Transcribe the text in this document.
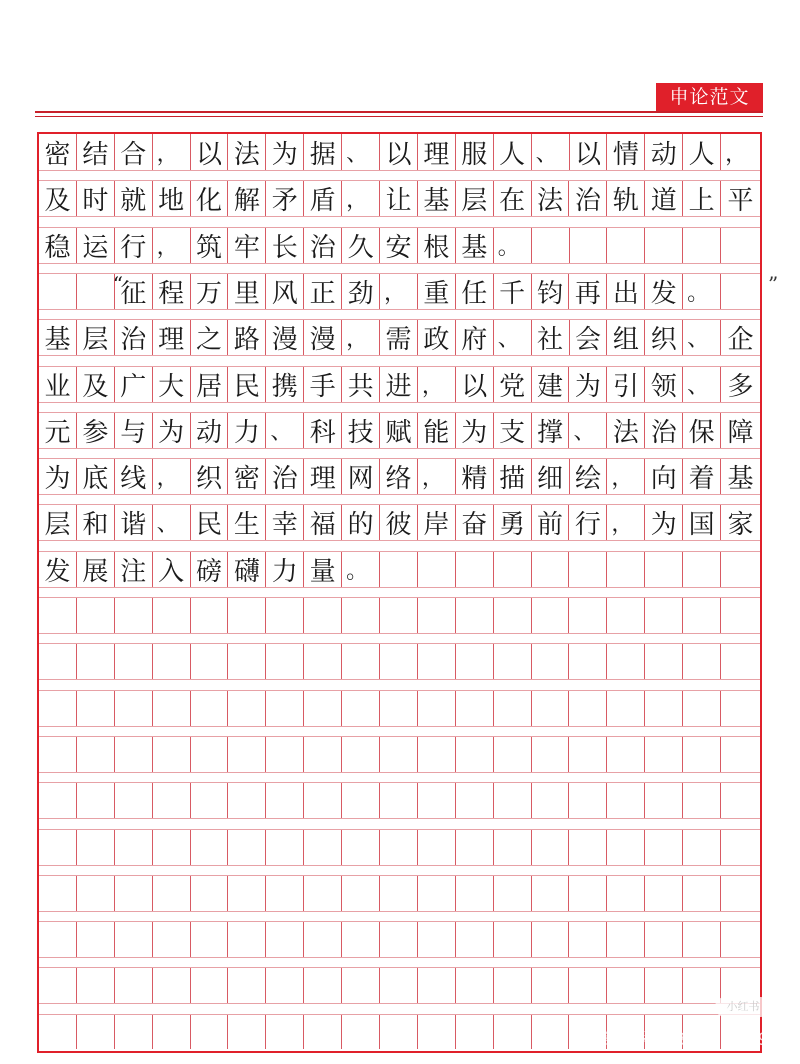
申论范文
密 结 合 ， 以 法 为 据 、 以 理 服 人 、 以 情 动 人 ，
及 时 就 地 化 解 矛 盾 ， 让 基 层 在 法 治 轨 道 上 平
稳 运 行 ， 筑 牢 长 治 久 安 根 基 。
“
征 程 万 里 风 正 劲 ， 重 任 千 钧 再 出 发 。
基 层 治 理 之 路 漫 漫 ， 需 政 府 、 社 会 组 织 、 企
业 及 广 大 居 民 携 手 共 进 ， 以 党 建 为 引 领 、 多
元 参 与 为 动 力 、 科 技 赋 能 为 支 撑 、 法 治 保 障
为 底 线 ， 织 密 治 理 网 络 ， 精 描 细 绘 ， 向 着 基
层 和 谐 、 民 生 幸 福 的 彼 岸 奋 勇 前 行 ， 为 国 家
发 展 注 入 磅 礴 力 量 。
”
小红书
小红书号：8171007973
